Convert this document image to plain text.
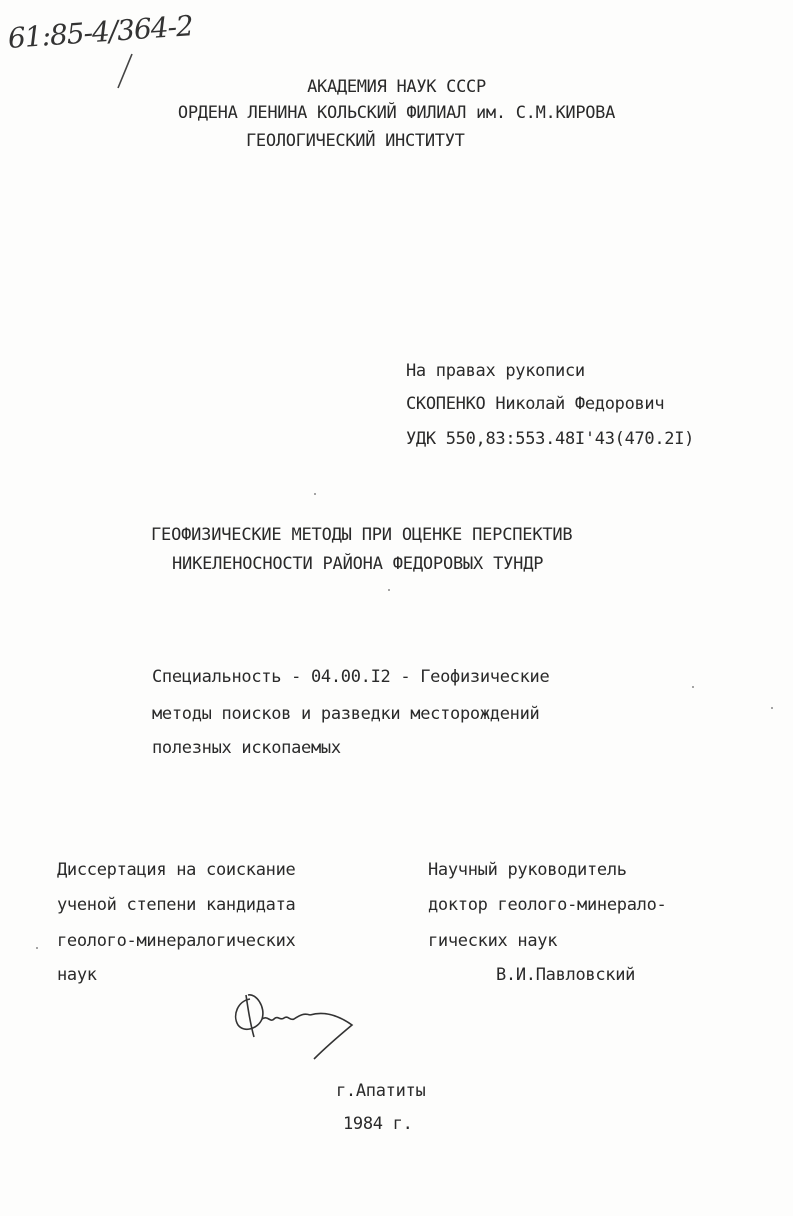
61:85-4/364-2
АКАДЕМИЯ НАУК СССР
ОРДЕНА ЛЕНИНА КОЛЬСКИЙ ФИЛИАЛ им. С.М.КИРОВА
ГЕОЛОГИЧЕСКИЙ ИНСТИТУТ
На правах рукописи
СКОПЕНКО Николай Федорович
УДК 550,83:553.48I'43(470.2I)
ГЕОФИЗИЧЕСКИЕ МЕТОДЫ ПРИ ОЦЕНКЕ ПЕРСПЕКТИВ
НИКЕЛЕНОСНОСТИ РАЙОНА ФЕДОРОВЫХ ТУНДР
Специальность - 04.00.I2 - Геофизические
методы поисков и разведки месторождений
полезных ископаемых
Диссертация на соискание
ученой степени кандидата
геолого-минералогических
наук
Научный руководитель
доктор геолого-минерало-
гических наук
В.И.Павловский
г.Апатиты
1984 г.
